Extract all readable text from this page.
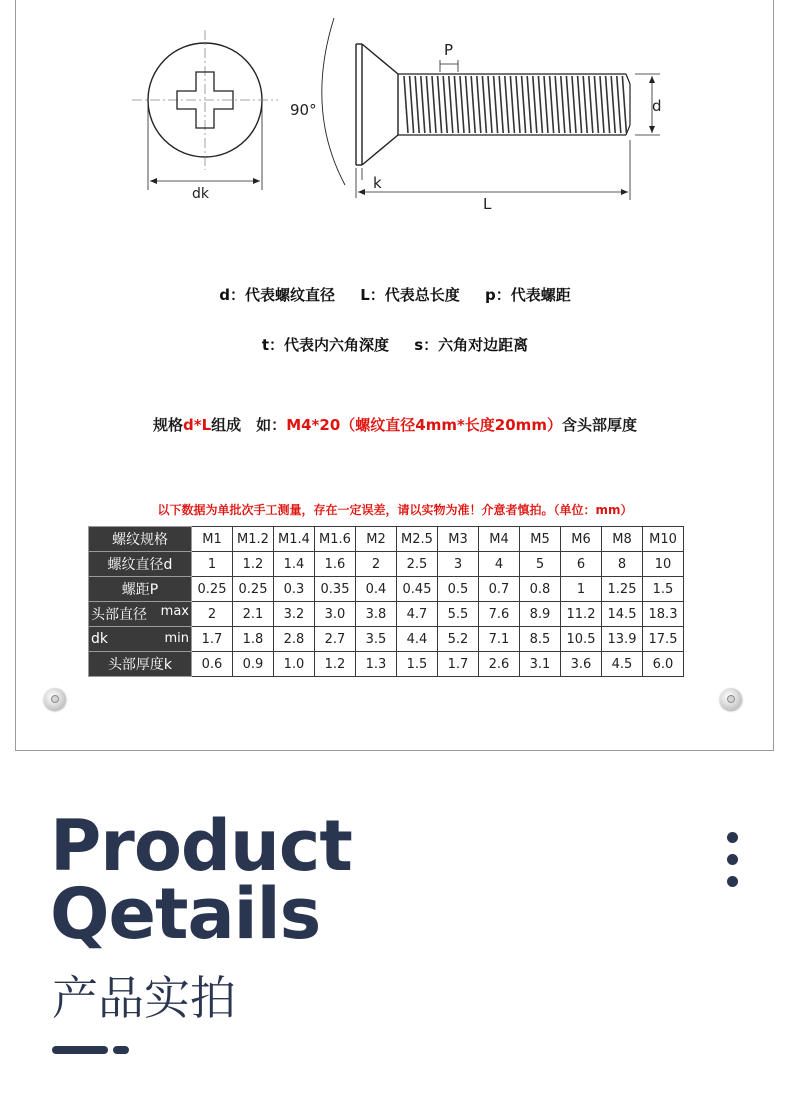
dk
90°
P
d
k
L
d：代表螺纹直径 L：代表总长度 p：代表螺距
t：代表内六角深度 s：六角对边距离
规格d*L组成　如：M4*20（螺纹直径4mm*长度20mm）含头部厚度
以下数据为单批次手工测量，存在一定误差，请以实物为准！介意者慎拍。（单位：mm）
螺纹规格	M1	M1.2	M1.4	M1.6	M2	M2.5	M3	M4	M5	M6	M8	M10
螺纹直径d	1	1.2	1.4	1.6	2	2.5	3	4	5	6	8	10
螺距P	0.25	0.25	0.3	0.35	0.4	0.45	0.5	0.7	0.8	1	1.25	1.5
头部直径 max	2	2.1	3.2	3.0	3.8	4.7	5.5	7.6	8.9	11.2	14.5	18.3
dk min	1.7	1.8	2.8	2.7	3.5	4.4	5.2	7.1	8.5	10.5	13.9	17.5
头部厚度k	0.6	0.9	1.0	1.2	1.3	1.5	1.7	2.6	3.1	3.6	4.5	6.0
Product
Qetails
产品实拍
